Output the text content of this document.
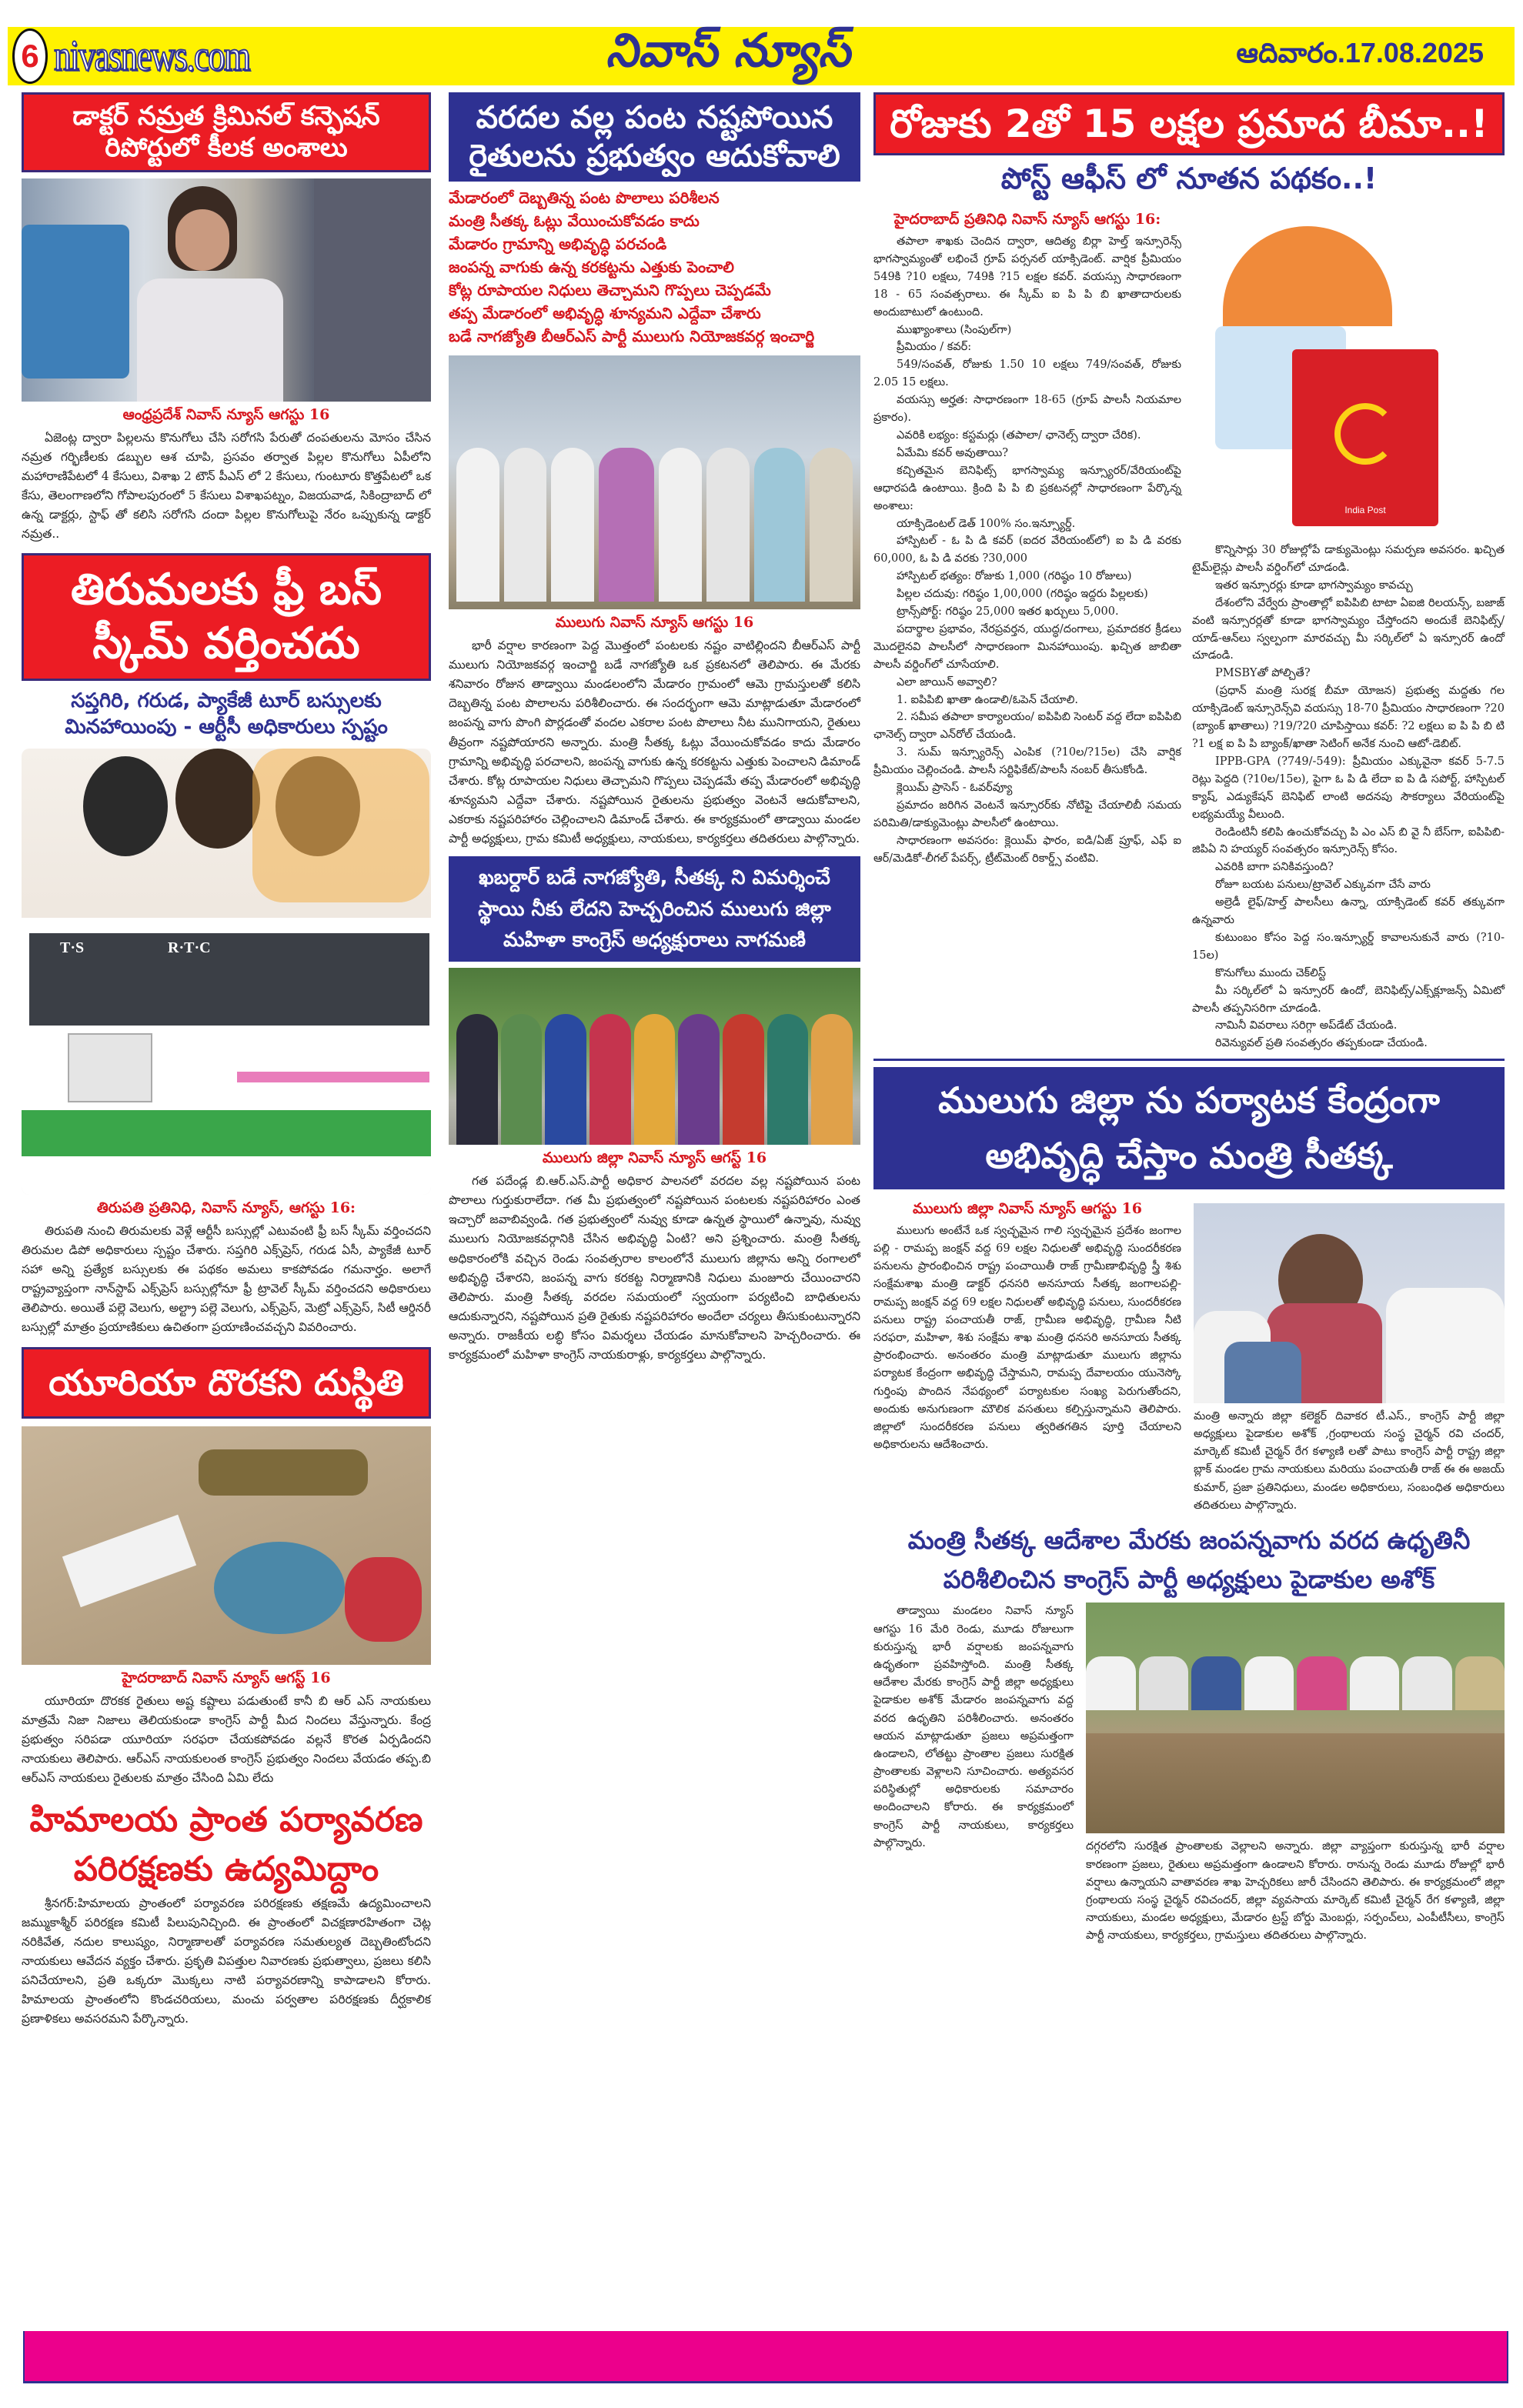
6 nivasnews.com	నివాస్ న్యూస్	ఆదివారం.17.08.2025
డాక్టర్ నమ్రత క్రిమినల్ కన్ఫెషన్ రిపోర్టులో కీలక అంశాలు
ఆంధ్రప్రదేశ్ నివాస్ న్యూస్ ఆగస్టు 16

ఏజెంట్ల ద్వారా పిల్లలను కొనుగోలు చేసి సరోగసి పేరుతో దంపతులను మోసం చేసిన నమ్రత గర్భిణీలకు డబ్బుల ఆశ చూపి, ప్రసవం తర్వాత పిల్లల కొనుగోలు ఏపీలోని మహారాణిపేటలో 4 కేసులు, విశాఖ 2 టౌన్ పీఎస్ లో 2 కేసులు, గుంటూరు కొత్తపేటలో ఒక కేసు, తెలంగాణలోని గోపాలపురంలో 5 కేసులు విశాఖపట్నం, విజయవాడ, సికింద్రాబాద్ లో ఉన్న డాక్టర్లు, స్టాఫ్ తో కలిసి సరోగసి దందా పిల్లల కొనుగోలుపై నేరం ఒప్పుకున్న డాక్టర్ నమ్రత..

తిరుమలకు ఫ్రీ బస్ స్కీమ్ వర్తించదు
సప్తగిరి, గరుడ, ప్యాకేజీ టూర్ బస్సులకు మినహాయింపు - ఆర్టీసీ అధికారులు స్పష్టం
T·S	R·T·C
తిరుపతి ప్రతినిధి, నివాస్ న్యూస్, ఆగస్టు 16:

తిరుపతి నుంచి తిరుమలకు వెళ్లే ఆర్టీసీ బస్సుల్లో ఎటువంటి ఫ్రీ బస్ స్కీమ్ వర్తించదని తిరుమల డిపో అధికారులు స్పష్టం చేశారు. సప్తగిరి ఎక్స్‌ప్రెస్, గరుడ ఏసీ, ప్యాకేజీ టూర్ సహా అన్ని ప్రత్యేక బస్సులకు ఈ పథకం అమలు కాకపోవడం గమనార్హం. అలాగే రాష్ట్రవ్యాప్తంగా నాన్‌స్టాప్ ఎక్స్‌ప్రెస్ బస్సుల్లోనూ ఫ్రీ ట్రావెల్ స్కీమ్ వర్తించదని అధికారులు తెలిపారు. అయితే పల్లె వెలుగు, అల్ట్రా పల్లె వెలుగు, ఎక్స్‌ప్రెస్, మెట్రో ఎక్స్‌ప్రెస్, సిటీ ఆర్డినరీ బస్సుల్లో మాత్రం ప్రయాణికులు ఉచితంగా ప్రయాణించవచ్చని వివరించారు.

యూరియా దొరకని దుస్థితి
హైదరాబాద్ నివాస్ న్యూస్ ఆగస్ట్ 16

యూరియా దొరకక రైతులు అష్ట కష్టాలు పడుతుంటే కానీ బి ఆర్ ఎస్ నాయకులు మాత్రమే నిజా నిజాలు తెలియకుండా కాంగ్రెస్ పార్టీ మీద నిందలు వేస్తున్నారు. కేంద్ర ప్రభుత్వం సరిపడా యూరియా సరఫరా చేయకపోవడం వల్లనే కొరత ఏర్పడిందని నాయకులు తెలిపారు. ఆర్‌ఎస్ నాయకులంత కాంగ్రెస్ ప్రభుత్వం నిందలు వేయడం తప్ప.బి ఆర్‌ఎస్ నాయకులు రైతులకు మాత్రం చేసింది ఏమి లేదు

హిమాలయ ప్రాంత పర్యావరణ పరిరక్షణకు ఉద్యమిద్దాం

శ్రీనగర్:హిమాలయ ప్రాంతంలో పర్యావరణ పరిరక్షణకు తక్షణమే ఉద్యమించాలని జమ్ముకాశ్మీర్ పరిరక్షణ కమిటీ పిలుపునిచ్చింది. ఈ ప్రాంతంలో విచక్షణారహితంగా చెట్ల నరికివేత, నదుల కాలుష్యం, నిర్మాణాలతో పర్యావరణ సమతుల్యత దెబ్బతింటోందని నాయకులు ఆవేదన వ్యక్తం చేశారు. ప్రకృతి విపత్తుల నివారణకు ప్రభుత్వాలు, ప్రజలు కలిసి పనిచేయాలని, ప్రతి ఒక్కరూ మొక్కలు నాటి పర్యావరణాన్ని కాపాడాలని కోరారు. హిమాలయ ప్రాంతంలోని కొండచరియలు, మంచు పర్వతాల పరిరక్షణకు దీర్ఘకాలిక ప్రణాళికలు అవసరమని పేర్కొన్నారు.

వరదల వల్ల పంట నష్టపోయిన రైతులను ప్రభుత్వం ఆదుకోవాలి
మేడారంలో దెబ్బతిన్న పంట పొలాలు పరిశీలన
మంత్రి సీతక్క ఓట్లు వేయించుకోవడం కాదు
మేడారం గ్రామాన్ని అభివృద్ధి పరచండి
జంపన్న వాగుకు ఉన్న కరకట్టను ఎత్తుకు పెంచాలి
కోట్ల రూపాయల నిధులు తెచ్చామని గొప్పలు చెప్పడమే
తప్ప మేడారంలో అభివృద్ధి శూన్యమని ఎద్దేవా చేశారు
బడే నాగజ్యోతి బీఆర్ఎస్ పార్టీ ములుగు నియోజకవర్గ ఇంచార్జి
ములుగు నివాస్ న్యూస్ ఆగస్టు 16

భారీ వర్షాల కారణంగా పెద్ద మొత్తంలో పంటలకు నష్టం వాటిల్లిందని బీఆర్ఎస్ పార్టీ ములుగు నియోజకవర్గ ఇంచార్జి బడే నాగజ్యోతి ఒక ప్రకటనలో తెలిపారు. ఈ మేరకు శనివారం రోజున తాడ్వాయి మండలంలోని మేడారం గ్రామంలో ఆమె గ్రామస్తులతో కలిసి దెబ్బతిన్న పంట పొలాలను పరిశీలించారు. ఈ సందర్భంగా ఆమె మాట్లాడుతూ మేడారంలో జంపన్న వాగు పొంగి పొర్లడంతో వందల ఎకరాల పంట పొలాలు నీట మునిగాయని, రైతులు తీవ్రంగా నష్టపోయారని అన్నారు. మంత్రి సీతక్క ఓట్లు వేయించుకోవడం కాదు మేడారం గ్రామాన్ని అభివృద్ధి పరచాలని, జంపన్న వాగుకు ఉన్న కరకట్టను ఎత్తుకు పెంచాలని డిమాండ్ చేశారు. కోట్ల రూపాయల నిధులు తెచ్చామని గొప్పలు చెప్పడమే తప్ప మేడారంలో అభివృద్ధి శూన్యమని ఎద్దేవా చేశారు. నష్టపోయిన రైతులను ప్రభుత్వం వెంటనే ఆదుకోవాలని, ఎకరాకు నష్టపరిహారం చెల్లించాలని డిమాండ్ చేశారు. ఈ కార్యక్రమంలో తాడ్వాయి మండల పార్టీ అధ్యక్షులు, గ్రామ కమిటీ అధ్యక్షులు, నాయకులు, కార్యకర్తలు తదితరులు పాల్గొన్నారు.

ఖబర్దార్ బడే నాగజ్యోతి, సీతక్క ని విమర్శించే స్థాయి నీకు లేదని హెచ్చరించిన ములుగు జిల్లా మహిళా కాంగ్రెస్ అధ్యక్షురాలు నాగమణి
ములుగు జిల్లా నివాస్ న్యూస్ ఆగస్ట్ 16

గత పదేండ్ల బి.ఆర్.ఎస్.పార్టీ అధికార పాలనలో వరదల వల్ల నష్టపోయిన పంట పొలాలు గుర్తుకురాలేదా. గత మీ ప్రభుత్వంలో నష్టపోయిన పంటలకు నష్టపరిహారం ఎంత ఇచ్చారో జవాబివ్వండి. గత ప్రభుత్వంలో నువ్వు కూడా ఉన్నత స్థాయిలో ఉన్నావు, నువ్వు ములుగు నియోజకవర్గానికి చేసిన అభివృద్ధి ఏంటి? అని ప్రశ్నించారు. మంత్రి సీతక్క అధికారంలోకి వచ్చిన రెండు సంవత్సరాల కాలంలోనే ములుగు జిల్లాను అన్ని రంగాలలో అభివృద్ధి చేశారని, జంపన్న వాగు కరకట్ట నిర్మాణానికి నిధులు మంజూరు చేయించారని తెలిపారు. మంత్రి సీతక్క వరదల సమయంలో స్వయంగా పర్యటించి బాధితులను ఆదుకున్నారని, నష్టపోయిన ప్రతి రైతుకు నష్టపరిహారం అందేలా చర్యలు తీసుకుంటున్నారని అన్నారు. రాజకీయ లబ్ధి కోసం విమర్శలు చేయడం మానుకోవాలని హెచ్చరించారు. ఈ కార్యక్రమంలో మహిళా కాంగ్రెస్ నాయకురాళ్లు, కార్యకర్తలు పాల్గొన్నారు.

రోజుకు 2తో 15 లక్షల ప్రమాద బీమా..!
పోస్ట్ ఆఫీస్ లో నూతన పథకం..!
హైదరాబాద్ ప్రతినిధి నివాస్ న్యూస్ ఆగస్టు 16:

తపాలా శాఖకు చెందిన ద్వారా, ఆదిత్య బిర్లా హెల్త్ ఇన్సూరెన్స్ భాగస్వామ్యంతో లభించే గ్రూప్ పర్సనల్ యాక్సిడెంట్. వార్షిక ప్రీమియం 549కి ?10 లక్షలు, 749కి ?15 లక్షల కవర్. వయస్సు సాధారణంగా 18 - 65 సంవత్సరాలు. ఈ స్కీమ్ ఐ పి పి బి ఖాతాదారులకు అందుబాటులో ఉంటుంది.

ముఖ్యాంశాలు (సింపుల్‌గా)

ప్రీమియం / కవర్:

549/సంవత్, రోజుకు 1.50 10 లక్షలు 749/సంవత్, రోజుకు 2.05 15 లక్షలు.

వయస్సు అర్హత: సాధారణంగా 18-65 (గ్రూప్ పాలసీ నియమాల ప్రకారం).

ఎవరికి లభ్యం: కస్టమర్లు (తపాలా/ ఛానెల్స్ ద్వారా చేరిక).

ఏమేమి కవర్ అవుతాయి?

కచ్చితమైన బెనిఫిట్స్ భాగస్వామ్య ఇన్స్యూరర్/వేరియంట్‌పై ఆధారపడి ఉంటాయి. క్రింది పి పి బి ప్రకటనల్లో సాధారణంగా పేర్కొన్న అంశాలు:

యాక్సిడెంటల్ డెత్ 100% సం.ఇన్స్యూర్డ్.

హాస్పిటల్ - ఓ పి డి కవర్ (ఐదర వేరియంట్‌లో) ఐ పి డి వరకు 60,000, ఓ పి డి వరకు ?30,000

హాస్పిటల్ భత్యం: రోజుకు 1,000 (గరిష్ఠం 10 రోజులు)

పిల్లల చదువు: గరిష్ఠం 1,00,000 (గరిష్ఠం ఇద్దరు పిల్లలకు)

ట్రాన్స్‌పోర్ట్: గరిష్ఠం 25,000 ఇతర ఖర్చులు 5,000.

పదార్థాల ప్రభావం, నేరప్రవర్తన, యుద్ధ/దంగాలు, ప్రమాదకర క్రీడలు మొదలైనవి పాలసీలో సాధారణంగా మినహాయింపు. ఖచ్చిత జాబితా పాలసీ వర్డింగ్‌లో చూసేయాలి.

ఎలా జాయిన్ అవ్వాలి?

1. ఐపిపిబి ఖాతా ఉండాలి/ఓపెన్ చేయాలి.

2. సమీప తపాలా కార్యాలయం/ ఐపిపిబి సెంటర్ వద్ద లేదా ఐపిపిబి ఛానెల్స్ ద్వారా ఎన్‌రోల్ చేయండి.

3. సుమ్ ఇన్స్యూరెన్స్ ఎంపిక (?10ల/?15ల) చేసి వార్షిక ప్రీమియం చెల్లించండి. పాలసీ సర్టిఫికేట్/పాలసీ నంబర్ తీసుకోండి.

క్లెయిమ్ ప్రాసెస్ - ఓవర్‌వ్యూ

ప్రమాదం జరిగిన వెంటనే ఇన్సూరర్‌కు నోటిఫై చేయాలిబీ సమయ పరిమితి/డాక్యుమెంట్లు పాలసీలో ఉంటాయి.

సాధారణంగా అవసరం: క్లెయిమ్ ఫారం, ఐడి/ఏజ్ ప్రూఫ్, ఎఫ్ ఐ ఆర్/మెడికో-లీగల్ పేపర్స్, ట్రీట్‌మెంట్ రికార్డ్స్ వంటివి.

India Post

కొన్నిసార్లు 30 రోజుల్లోపే డాక్యుమెంట్లు సమర్పణ అవసరం. ఖచ్చిత టైమ్‌లైన్లు పాలసీ వర్డింగ్‌లో చూడండి.

ఇతర ఇన్సూరర్లు కూడా భాగస్వామ్యం కావచ్చు

దేశంలోని వేర్వేరు ప్రాంతాల్లో ఐపిపిబి టాటా ఏఐజి రిలయన్స్, బజాజ్ వంటి ఇన్సూరర్లతో కూడా భాగస్వామ్యం చేస్తోందని అందుకే బెనిఫిట్స్/యాడ్-ఆన్‌లు స్వల్పంగా మారవచ్చు మీ సర్కిల్‌లో ఏ ఇన్సూరర్ ఉందో చూడండి.

PMSBYతో పోల్చితే?

(ప్రధాన్ మంత్రి సురక్ష బీమా యోజన) ప్రభుత్వ మద్దతు గల యాక్సిడెంట్ ఇన్సూరెన్స్‌వి వయస్సు 18-70 ప్రీమియం సాధారణంగా ?20 (బ్యాంక్ ఖాతాలు) ?19/?20 చూపిస్తాయి కవర్: ?2 లక్షలు ఐ పి పి బి టి ?1 లక్ష ఐ పి పి బ్యాంక్/ఖాతా సెటింగ్ అనేక నుంచి ఆటో-డెబిట్.

IPPB-GPA (?749/-549): ప్రీమియం ఎక్కువైనా కవర్ 5-7.5 రెట్లు పెద్దది (?10ల/15ల), పైగా ఓ పి డి లేదా ఐ పి డి సపోర్ట్, హాస్పిటల్ క్యాష్, ఎడ్యుకేషన్ బెనిఫిట్ లాంటి అదనపు సౌకర్యాలు వేరియంట్‌పై లభ్యమయ్యే వీలుంది.

రెండింటినీ కలిపి ఉంచుకోవచ్చు పి ఎం ఎస్ బి వై నీ బేస్‌గా, ఐపిపిబి- జిపిఏ ని హయ్యర్ సంవత్సరం ఇన్సూరెన్స్ కోసం.

ఎవరికి బాగా పనికివస్తుంది?

రోజూ బయట పనులు/ట్రావెల్ ఎక్కువగా చేసే వారు

అల్రెడీ లైఫ్/హెల్త్ పాలసీలు ఉన్నా, యాక్సిడెంట్ కవర్ తక్కువగా ఉన్నవారు

కుటుంబం కోసం పెద్ద సం.ఇన్స్యూర్డ్ కావాలనుకునే వారు (?10-15ల)

కొనుగోలు ముందు చెక్‌లిస్ట్

మీ సర్కిల్‌లో ఏ ఇన్సూరర్ ఉందో, బెనిఫిట్స్/ఎక్స్‌క్లూజన్స్ ఏమిటో పాలసీ తప్పనిసరిగా చూడండి.

నామినీ వివరాలు సరిగ్గా అప్‌డేట్ చేయండి.

రివెన్యువల్ ప్రతి సంవత్సరం తప్పకుండా చేయండి.

ములుగు జిల్లా ను పర్యాటక కేంద్రంగా అభివృద్ధి చేస్తాం మంత్రి సీతక్క
ములుగు జిల్లా నివాస్ న్యూస్ ఆగస్టు 16

ములుగు అంటేనే ఒక స్వచ్ఛమైన గాలి స్వచ్ఛమైన ప్రదేశం జంగాల పల్లి - రామప్ప జంక్షన్ వద్ద 69 లక్షల నిధులతో అభివృద్ధి సుందరీకరణ పనులను ప్రారంభించిన రాష్ట్ర పంచాయితీ రాజ్ గ్రామీణాభివృద్ధి స్త్రీ శిశు సంక్షేమశాఖ మంత్రి డాక్టర్ ధనసరి అనసూయ సీతక్క జంగాలపల్లి-రామప్ప జంక్షన్ వద్ద 69 లక్షల నిధులతో అభివృద్ధి పనులు, సుందరీకరణ పనులు రాష్ట్ర పంచాయతీ రాజ్, గ్రామీణ అభివృద్ధి, గ్రామీణ నీటి సరఫరా, మహిళా, శిశు సంక్షేమ శాఖ మంత్రి ధనసరి అనసూయ సీతక్క ప్రారంభించారు. అనంతరం మంత్రి మాట్లాడుతూ ములుగు జిల్లాను పర్యాటక కేంద్రంగా అభివృద్ధి చేస్తామని, రామప్ప దేవాలయం యునెస్కో గుర్తింపు పొందిన నేపథ్యంలో పర్యాటకుల సంఖ్య పెరుగుతోందని, అందుకు అనుగుణంగా మౌలిక వసతులు కల్పిస్తున్నామని తెలిపారు. జిల్లాలో సుందరీకరణ పనులు త్వరితగతిన పూర్తి చేయాలని అధికారులను ఆదేశించారు.

మంత్రి అన్నారు జిల్లా కలెక్టర్ దివాకర టీ.ఎస్., కాంగ్రెస్ పార్టీ జిల్లా అధ్యక్షులు పైడాకుల అశోక్ ,గ్రంథాలయ సంస్థ చైర్మన్ రవి చందర్, మార్కెట్ కమిటీ చైర్మన్ రేగ కళ్యాణి లతో పాటు కాంగ్రెస్ పార్టీ రాష్ట్ర జిల్లా బ్లాక్ మండల గ్రామ నాయకులు మరియు పంచాయతీ రాజ్ ఈ ఈ అజయ్ కుమార్, ప్రజా ప్రతినిధులు, మండల అధికారులు, సంబంధిత అధికారులు తదితరులు పాల్గొన్నారు.

మంత్రి సీతక్క ఆదేశాల మేరకు జంపన్నవాగు వరద ఉధృతినీ పరిశీలించిన కాంగ్రెస్ పార్టీ అధ్యక్షులు పైడాకుల అశోక్

తాడ్వాయి మండలం నివాస్ న్యూస్ ఆగస్టు 16 మేరి రెండు, మూడు రోజులుగా కురుస్తున్న భారీ వర్షాలకు జంపన్నవాగు ఉధృతంగా ప్రవహిస్తోంది. మంత్రి సీతక్క ఆదేశాల మేరకు కాంగ్రెస్ పార్టీ జిల్లా అధ్యక్షులు పైడాకుల అశోక్ మేడారం జంపన్నవాగు వద్ద వరద ఉధృతిని పరిశీలించారు. అనంతరం ఆయన మాట్లాడుతూ ప్రజలు అప్రమత్తంగా ఉండాలని, లోతట్టు ప్రాంతాల ప్రజలు సురక్షిత ప్రాంతాలకు వెళ్లాలని సూచించారు. అత్యవసర పరిస్థితుల్లో అధికారులకు సమాచారం అందించాలని కోరారు. ఈ కార్యక్రమంలో కాంగ్రెస్ పార్టీ నాయకులు, కార్యకర్తలు పాల్గొన్నారు.	దగ్గరలోని సురక్షిత ప్రాంతాలకు వెల్లాలని అన్నారు. జిల్లా వ్యాప్తంగా కురుస్తున్న భారీ వర్షాల కారణంగా ప్రజలు, రైతులు అప్రమత్తంగా ఉండాలని కోరారు. రానున్న రెండు మూడు రోజుల్లో భారీ వర్షాలు ఉన్నాయని వాతావరణ శాఖ హెచ్చరికలు జారీ చేసిందని తెలిపారు. ఈ కార్యక్రమంలో జిల్లా గ్రంథాలయ సంస్థ చైర్మన్ రవిచందర్, జిల్లా వ్యవసాయ మార్కెట్ కమిటీ చైర్మన్ రేగ కళ్యాణి, జిల్లా నాయకులు, మండల అధ్యక్షులు, మేడారం ట్రస్ట్ బోర్డు మెంబర్లు, సర్పంచ్‌లు, ఎంపీటీసీలు, కాంగ్రెస్ పార్టీ నాయకులు, కార్యకర్తలు, గ్రామస్తులు తదితరులు పాల్గొన్నారు.
